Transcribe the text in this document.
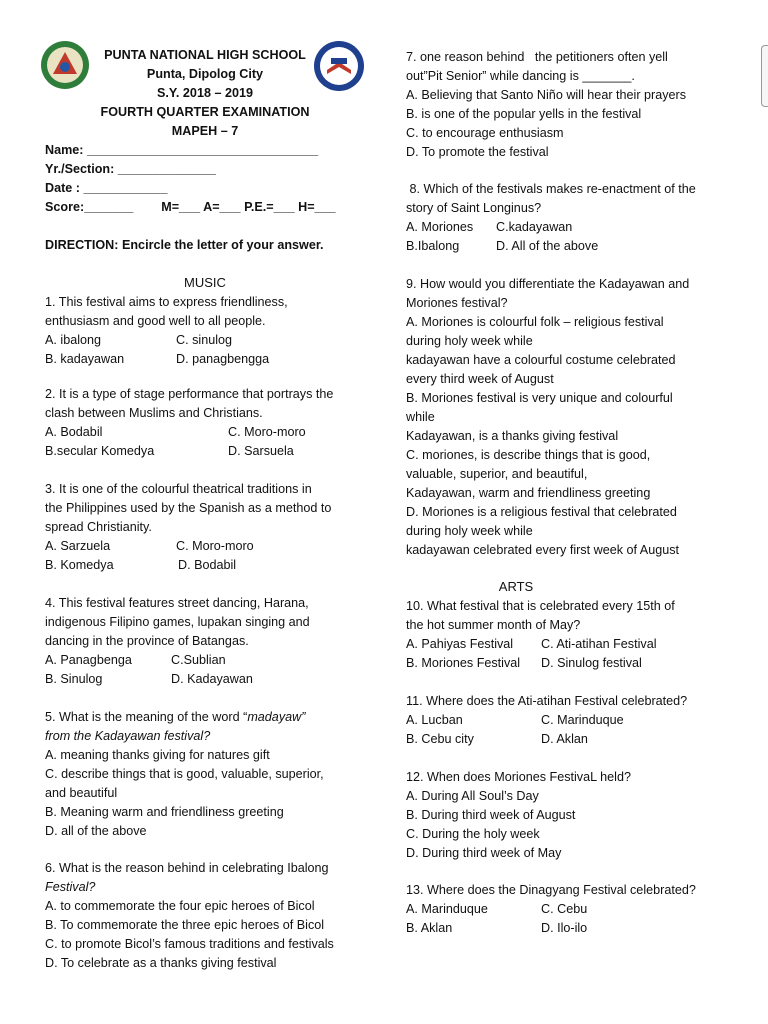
PUNTA NATIONAL HIGH SCHOOL
Punta, Dipolog City
S.Y. 2018 – 2019
FOURTH QUARTER EXAMINATION
MAPEH – 7
Name: _________________________________
Yr./Section: ______________
Date : ____________
Score:_______        M=___ A=___ P.E.=___ H=___
DIRECTION: Encircle the letter of your answer.
MUSIC
1. This festival aims to express friendliness,
enthusiasm and good well to all people.
A. ibalong	C. sinulog
B. kadayawan	D. panagbengga
2. It is a type of stage performance that portrays the
clash between Muslims and Christians.
A. Bodabil	C. Moro-moro
B.secular Komedya	D. Sarsuela
3. It is one of the colourful theatrical traditions in
the Philippines used by the Spanish as a method to
spread Christianity.
A. Sarzuela	C. Moro-moro
B. Komedya	D. Bodabil
4. This festival features street dancing, Harana,
indigenous Filipino games, lupakan singing and
dancing in the province of Batangas.
A. Panagbenga	C.Sublian
B. Sinulog	D. Kadayawan
5. What is the meaning of the word “madayaw”
from the Kadayawan festival?
A. meaning thanks giving for natures gift
C. describe things that is good, valuable, superior,
and beautiful
B. Meaning warm and friendliness greeting
D. all of the above
6. What is the reason behind in celebrating Ibalong
Festival?
A. to commemorate the four epic heroes of Bicol
B. To commemorate the three epic heroes of Bicol
C. to promote Bicol’s famous traditions and festivals
D. To celebrate as a thanks giving festival
7. one reason behind   the petitioners often yell
out”Pit Senior” while dancing is _______.
A. Believing that Santo Niño will hear their prayers
B. is one of the popular yells in the festival
C. to encourage enthusiasm
D. To promote the festival
8. Which of the festivals makes re-enactment of the
story of Saint Longinus?
A. Moriones C.kadayawan
B.Ibalong	D. All of the above
9. How would you differentiate the Kadayawan and
Moriones festival?
A. Moriones is colourful folk – religious festival
during holy week while
kadayawan have a colourful costume celebrated
every third week of August
B. Moriones festival is very unique and colourful
while
Kadayawan, is a thanks giving festival
C. moriones, is describe things that is good,
valuable, superior, and beautiful,
Kadayawan, warm and friendliness greeting
D. Moriones is a religious festival that celebrated
during holy week while
kadayawan celebrated every first week of August
ARTS
10. What festival that is celebrated every 15th of
the hot summer month of May?
A. Pahiyas Festival C. Ati-atihan Festival
B. Moriones Festival D. Sinulog festival
11. Where does the Ati-atihan Festival celebrated?
A. Lucban	C. Marinduque
B. Cebu city	D. Aklan
12. When does Moriones FestivaL held?
A. During All Soul’s Day
B. During third week of August
C. During the holy week
D. During third week of May
13. Where does the Dinagyang Festival celebrated?
A. Marinduque	C. Cebu
B. Aklan	D. Ilo-ilo
